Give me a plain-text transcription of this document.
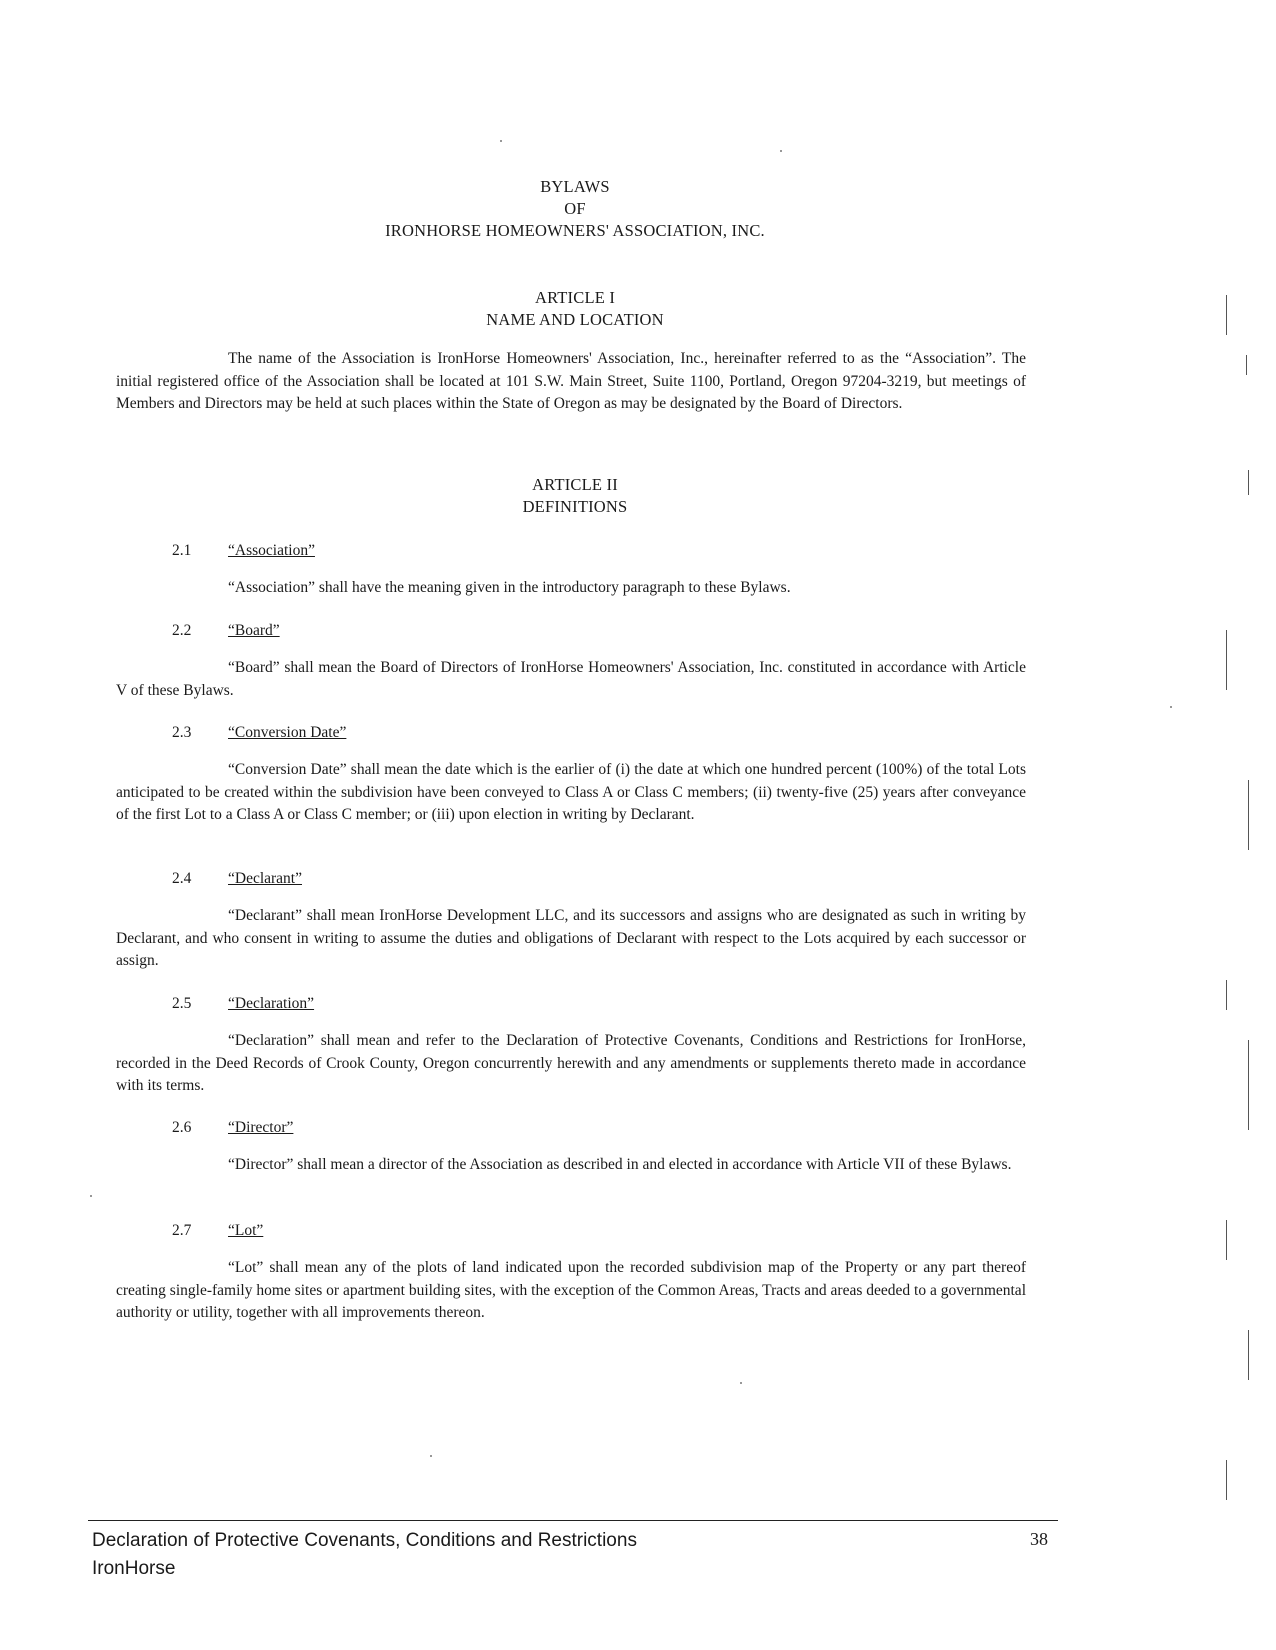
BYLAWS
OF
IRONHORSE HOMEOWNERS' ASSOCIATION, INC.
ARTICLE I
NAME AND LOCATION
The name of the Association is IronHorse Homeowners' Association, Inc., hereinafter referred to as the “Association”. The initial registered office of the Association shall be located at 101 S.W. Main Street, Suite 1100, Portland, Oregon 97204-3219, but meetings of Members and Directors may be held at such places within the State of Oregon as may be designated by the Board of Directors.
ARTICLE II
DEFINITIONS
2.1 “Association”
“Association” shall have the meaning given in the introductory paragraph to these Bylaws.
2.2 “Board”
“Board” shall mean the Board of Directors of IronHorse Homeowners' Association, Inc. constituted in accordance with Article V of these Bylaws.
2.3 “Conversion Date”
“Conversion Date” shall mean the date which is the earlier of (i) the date at which one hundred percent (100%) of the total Lots anticipated to be created within the subdivision have been conveyed to Class A or Class C members; (ii) twenty-five (25) years after conveyance of the first Lot to a Class A or Class C member; or (iii) upon election in writing by Declarant.
2.4 “Declarant”
“Declarant” shall mean IronHorse Development LLC, and its successors and assigns who are designated as such in writing by Declarant, and who consent in writing to assume the duties and obligations of Declarant with respect to the Lots acquired by each successor or assign.
2.5 “Declaration”
“Declaration” shall mean and refer to the Declaration of Protective Covenants, Conditions and Restrictions for IronHorse, recorded in the Deed Records of Crook County, Oregon concurrently herewith and any amendments or supplements thereto made in accordance with its terms.
2.6 “Director”
“Director” shall mean a director of the Association as described in and elected in accordance with Article VII of these Bylaws.
2.7 “Lot”
“Lot” shall mean any of the plots of land indicated upon the recorded subdivision map of the Property or any part thereof creating single-family home sites or apartment building sites, with the exception of the Common Areas, Tracts and areas deeded to a governmental authority or utility, together with all improvements thereon.
Declaration of Protective Covenants, Conditions and Restrictions
IronHorse
38
